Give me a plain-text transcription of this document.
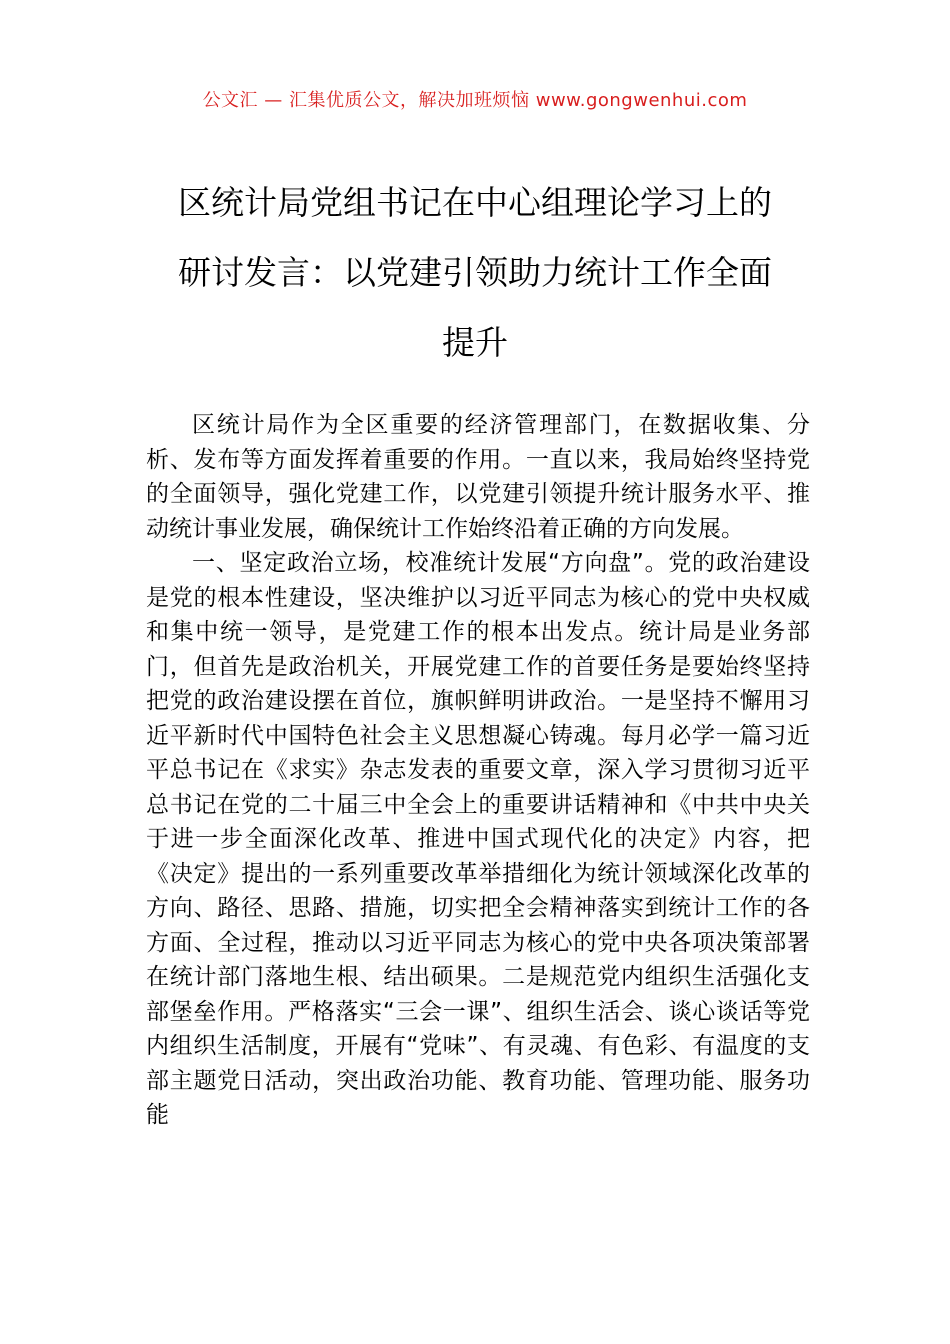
公文汇 — 汇集优质公文，解决加班烦恼 www.gongwenhui.com
区统计局党组书记在中心组理论学习上的
研讨发言：以党建引领助力统计工作全面
提升

区统计局作为全区重要的经济管理部门，在数据收集、分析、发布等方面发挥着重要的作用。一直以来，我局始终坚持党的全面领导，强化党建工作，以党建引领提升统计服务水平、推动统计事业发展，确保统计工作始终沿着正确的方向发展。

一、坚定政治立场，校准统计发展“方向盘”。党的政治建设是党的根本性建设，坚决维护以习近平同志为核心的党中央权威和集中统一领导，是党建工作的根本出发点。统计局是业务部门，但首先是政治机关，开展党建工作的首要任务是要始终坚持把党的政治建设摆在首位，旗帜鲜明讲政治。一是坚持不懈用习近平新时代中国特色社会主义思想凝心铸魂。每月必学一篇习近平总书记在《求实》杂志发表的重要文章，深入学习贯彻习近平总书记在党的二十届三中全会上的重要讲话精神和《中共中央关于进一步全面深化改革、推进中国式现代化的决定》内容，把《决定》提出的一系列重要改革举措细化为统计领域深化改革的方向、路径、思路、措施，切实把全会精神落实到统计工作的各方面、全过程，推动以习近平同志为核心的党中央各项决策部署在统计部门落地生根、结出硕果。二是规范党内组织生活强化支部堡垒作用。严格落实“三会一课”、组织生活会、谈心谈话等党内组织生活制度，开展有“党味”、有灵魂、有色彩、有温度的支部主题党日活动，突出政治功能、教育功能、管理功能、服务功能
